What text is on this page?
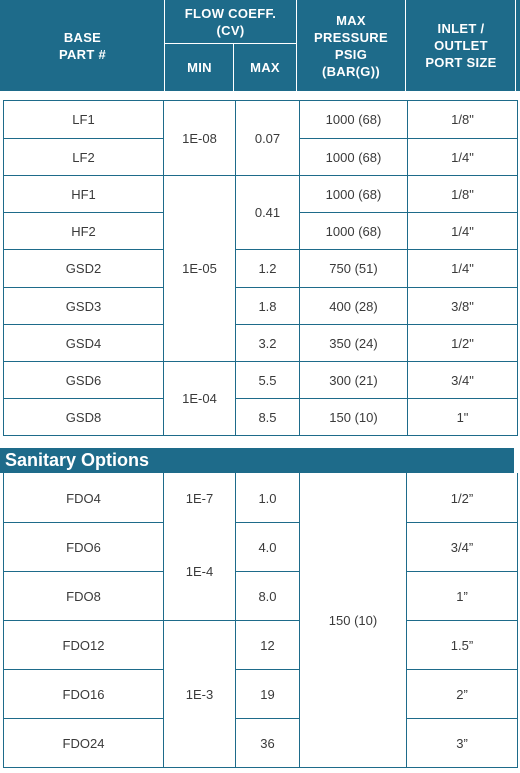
BASE
PART #
FLOW COEFF.
(CV)
MIN	MAX
MAX
PRESSURE
PSIG
(BAR(G))
INLET /
OUTLET
PORT SIZE
LF1
LF2
HF1
HF2
GSD2
GSD3
GSD4
GSD6
GSD8
1E-08
1E-05
1E-04
0.07
0.41
1.2
1.8
3.2
5.5
8.5
1000 (68)
1000 (68)
1000 (68)
1000 (68)
750 (51)
400 (28)
350 (24)
300 (21)
150 (10)
1/8"
1/4"
1/8"
1/4"
1/4"
3/8"
1/2"
3/4"
1"
Sanitary Options
FDO4
FDO6
FDO8
FDO12
FDO16
FDO24
1E-7
1E-4
1E-3
1.0
4.0
8.0
12
19
36
150 (10)
1/2”
3/4”
1”
1.5”
2”
3”
